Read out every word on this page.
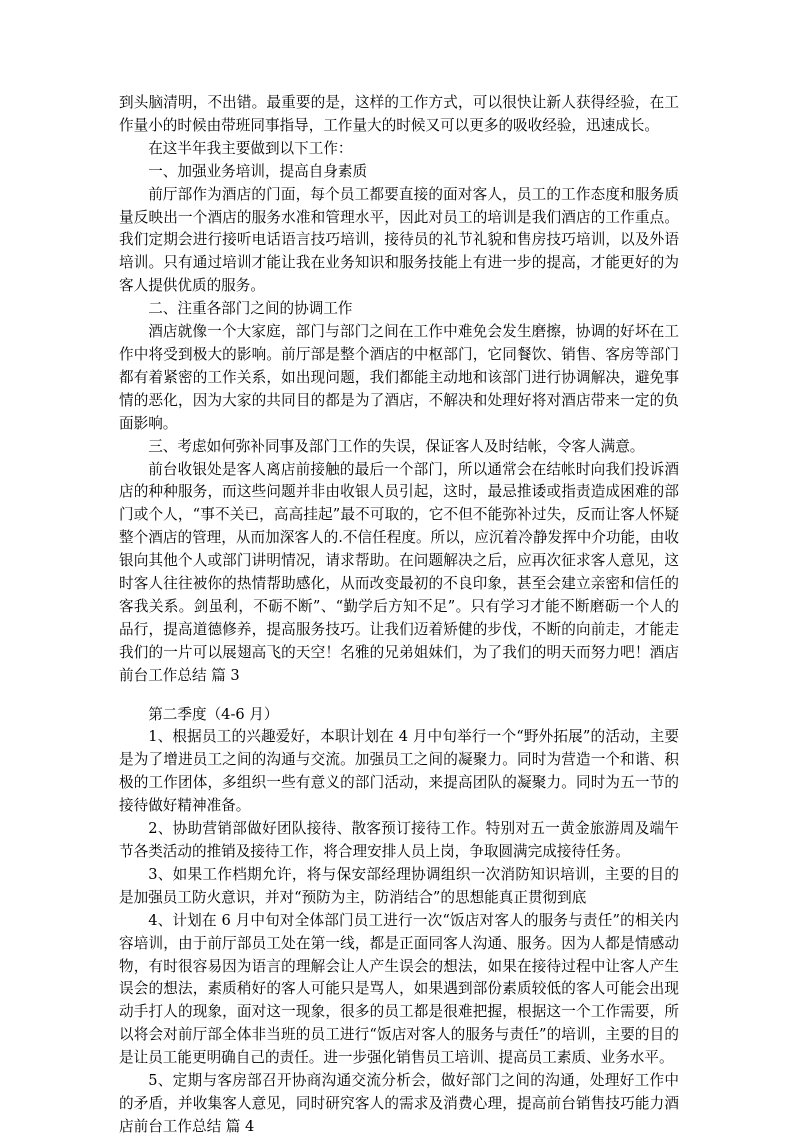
到头脑清明，不出错。最重要的是，这样的工作方式，可以很快让新人获得经验，在工作量小的时候由带班同事指导，工作量大的时候又可以更多的吸收经验，迅速成长。

在这半年我主要做到以下工作：

一、加强业务培训，提高自身素质

前厅部作为酒店的门面，每个员工都要直接的面对客人，员工的工作态度和服务质量反映出一个酒店的服务水准和管理水平，因此对员工的培训是我们酒店的工作重点。我们定期会进行接听电话语言技巧培训，接待员的礼节礼貌和售房技巧培训，以及外语培训。只有通过培训才能让我在业务知识和服务技能上有进一步的提高，才能更好的为客人提供优质的服务。

二、注重各部门之间的协调工作

酒店就像一个大家庭，部门与部门之间在工作中难免会发生磨擦，协调的好坏在工作中将受到极大的影响。前厅部是整个酒店的中枢部门，它同餐饮、销售、客房等部门都有着紧密的工作关系，如出现问题，我们都能主动地和该部门进行协调解决，避免事情的恶化，因为大家的共同目的都是为了酒店，不解决和处理好将对酒店带来一定的负面影响。

三、考虑如何弥补同事及部门工作的失误，保证客人及时结帐，令客人满意。

前台收银处是客人离店前接触的最后一个部门，所以通常会在结帐时向我们投诉酒店的种种服务，而这些问题并非由收银人员引起，这时，最忌推诿或指责造成困难的部门或个人，“事不关已，高高挂起”最不可取的，它不但不能弥补过失，反而让客人怀疑整个酒店的管理，从而加深客人的.不信任程度。所以，应沉着冷静发挥中介功能，由收银向其他个人或部门讲明情况，请求帮助。在问题解决之后，应再次征求客人意见，这时客人往往被你的热情帮助感化，从而改变最初的不良印象，甚至会建立亲密和信任的客我关系。剑虽利，不砺不断”、“勤学后方知不足”。只有学习才能不断磨砺一个人的品行，提高道德修养，提高服务技巧。让我们迈着矫健的步伐，不断的向前走，才能走我们的一片可以展翅高飞的天空！名雅的兄弟姐妹们，为了我们的明天而努力吧！酒店前台工作总结 篇 3

第二季度（4-6 月）

1、根据员工的兴趣爱好，本职计划在 4 月中旬举行一个“野外拓展”的活动，主要是为了增进员工之间的沟通与交流。加强员工之间的凝聚力。同时为营造一个和谐、积极的工作团体，多组织一些有意义的部门活动，来提高团队的凝聚力。同时为五一节的接待做好精神准备。

2、协助营销部做好团队接待、散客预订接待工作。特别对五一黄金旅游周及端午节各类活动的推销及接待工作，将合理安排人员上岗，争取圆满完成接待任务。

3、如果工作档期允许，将与保安部经理协调组织一次消防知识培训，主要的目的是加强员工防火意识，并对“预防为主，防消结合”的思想能真正贯彻到底

4、计划在 6 月中旬对全体部门员工进行一次“饭店对客人的服务与责任”的相关内容培训，由于前厅部员工处在第一线，都是正面同客人沟通、服务。因为人都是情感动物，有时很容易因为语言的理解会让人产生误会的想法，如果在接待过程中让客人产生误会的想法，素质稍好的客人可能只是骂人，如果遇到部份素质较低的客人可能会出现动手打人的现象，面对这一现象，很多的员工都是很难把握，根据这一个工作需要，所以将会对前厅部全体非当班的员工进行“饭店对客人的服务与责任”的培训，主要的目的是让员工能更明确自己的责任。进一步强化销售员工培训、提高员工素质、业务水平。

5、定期与客房部召开协商沟通交流分析会，做好部门之间的沟通，处理好工作中的矛盾，并收集客人意见，同时研究客人的需求及消费心理，提高前台销售技巧能力酒店前台工作总结 篇 4
